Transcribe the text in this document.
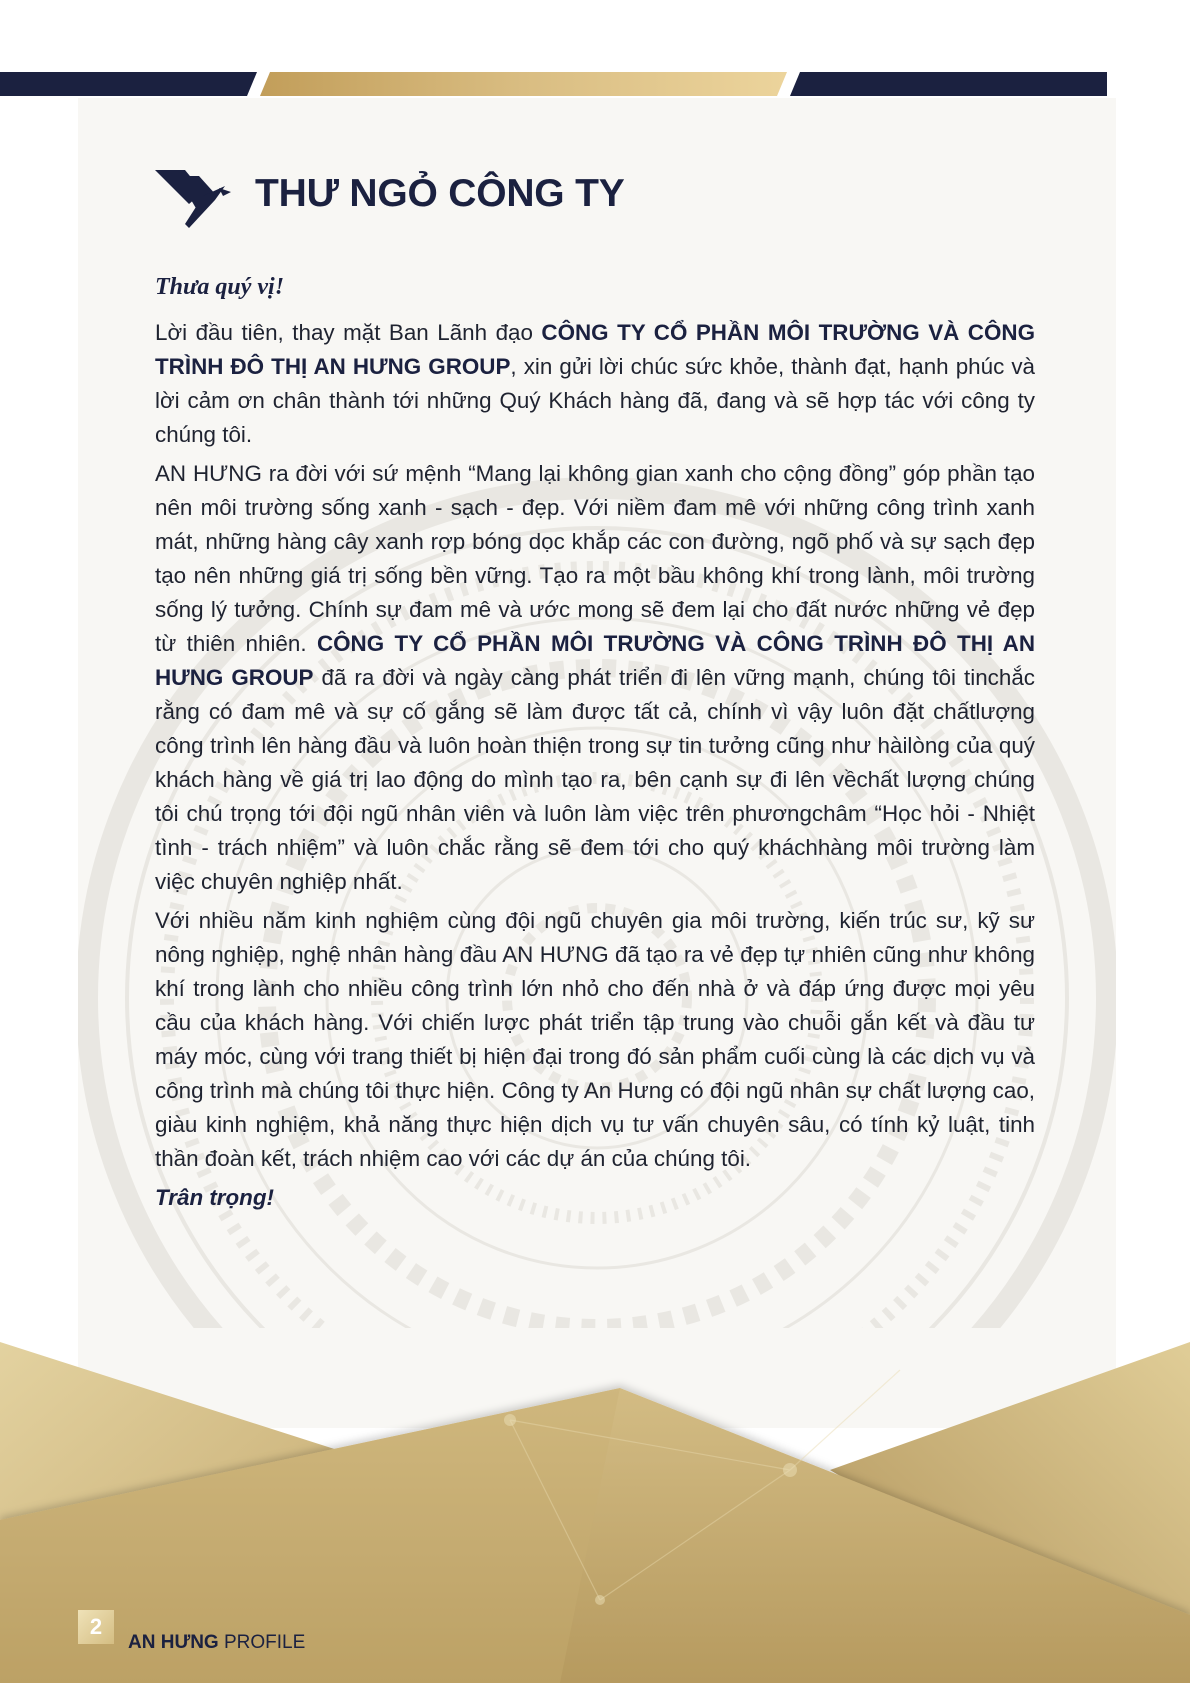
THƯ NGỎ CÔNG TY

Thưa quý vị!

Lời đầu tiên, thay mặt Ban Lãnh đạo CÔNG TY CỔ PHẦN MÔI TRƯỜNG VÀ CÔNG TRÌNH ĐÔ THỊ AN HƯNG GROUP, xin gửi lời chúc sức khỏe, thành đạt, hạnh phúc và lời cảm ơn chân thành tới những Quý Khách hàng đã, đang và sẽ hợp tác với công ty chúng tôi.

AN HƯNG ra đời với sứ mệnh “Mang lại không gian xanh cho cộng đồng” góp phần tạo nên môi trường sống xanh - sạch - đẹp. Với niềm đam mê với những công trình xanh mát, những hàng cây xanh rợp bóng dọc khắp các con đường, ngõ phố và sự sạch đẹp tạo nên những giá trị sống bền vững. Tạo ra một bầu không khí trong lành, môi trường sống lý tưởng. Chính sự đam mê và ước mong sẽ đem lại cho đất nước những vẻ đẹp từ thiên nhiên. CÔNG TY CỔ PHẦN MÔI TRƯỜNG VÀ CÔNG TRÌNH ĐÔ THỊ AN HƯNG GROUP đã ra đời và ngày càng phát triển đi lên vững mạnh, chúng tôi tinchắc rằng có đam mê và sự cố gắng sẽ làm được tất cả, chính vì vậy luôn đặt chấtlượng công trình lên hàng đầu và luôn hoàn thiện trong sự tin tưởng cũng như hàilòng của quý khách hàng về giá trị lao động do mình tạo ra, bên cạnh sự đi lên vềchất lượng chúng tôi chú trọng tới đội ngũ nhân viên và luôn làm việc trên phươngchâm “Học hỏi - Nhiệt tình - trách nhiệm” và luôn chắc rằng sẽ đem tới cho quý kháchhàng môi trường làm việc chuyên nghiệp nhất.

Với nhiều năm kinh nghiệm cùng đội ngũ chuyên gia môi trường, kiến trúc sư, kỹ sư nông nghiệp, nghệ nhân hàng đầu AN HƯNG đã tạo ra vẻ đẹp tự nhiên cũng như không khí trong lành cho nhiều công trình lớn nhỏ cho đến nhà ở và đáp ứng được mọi yêu cầu của khách hàng. Với chiến lược phát triển tập trung vào chuỗi gắn kết và đầu tư máy móc, cùng với trang thiết bị hiện đại trong đó sản phẩm cuối cùng là các dịch vụ và công trình mà chúng tôi thực hiện. Công ty An Hưng có đội ngũ nhân sự chất lượng cao, giàu kinh nghiệm, khả năng thực hiện dịch vụ tư vấn chuyên sâu, có tính kỷ luật, tinh thần đoàn kết, trách nhiệm cao với các dự án của chúng tôi.

Trân trọng!

2
AN HƯNG PROFILE
